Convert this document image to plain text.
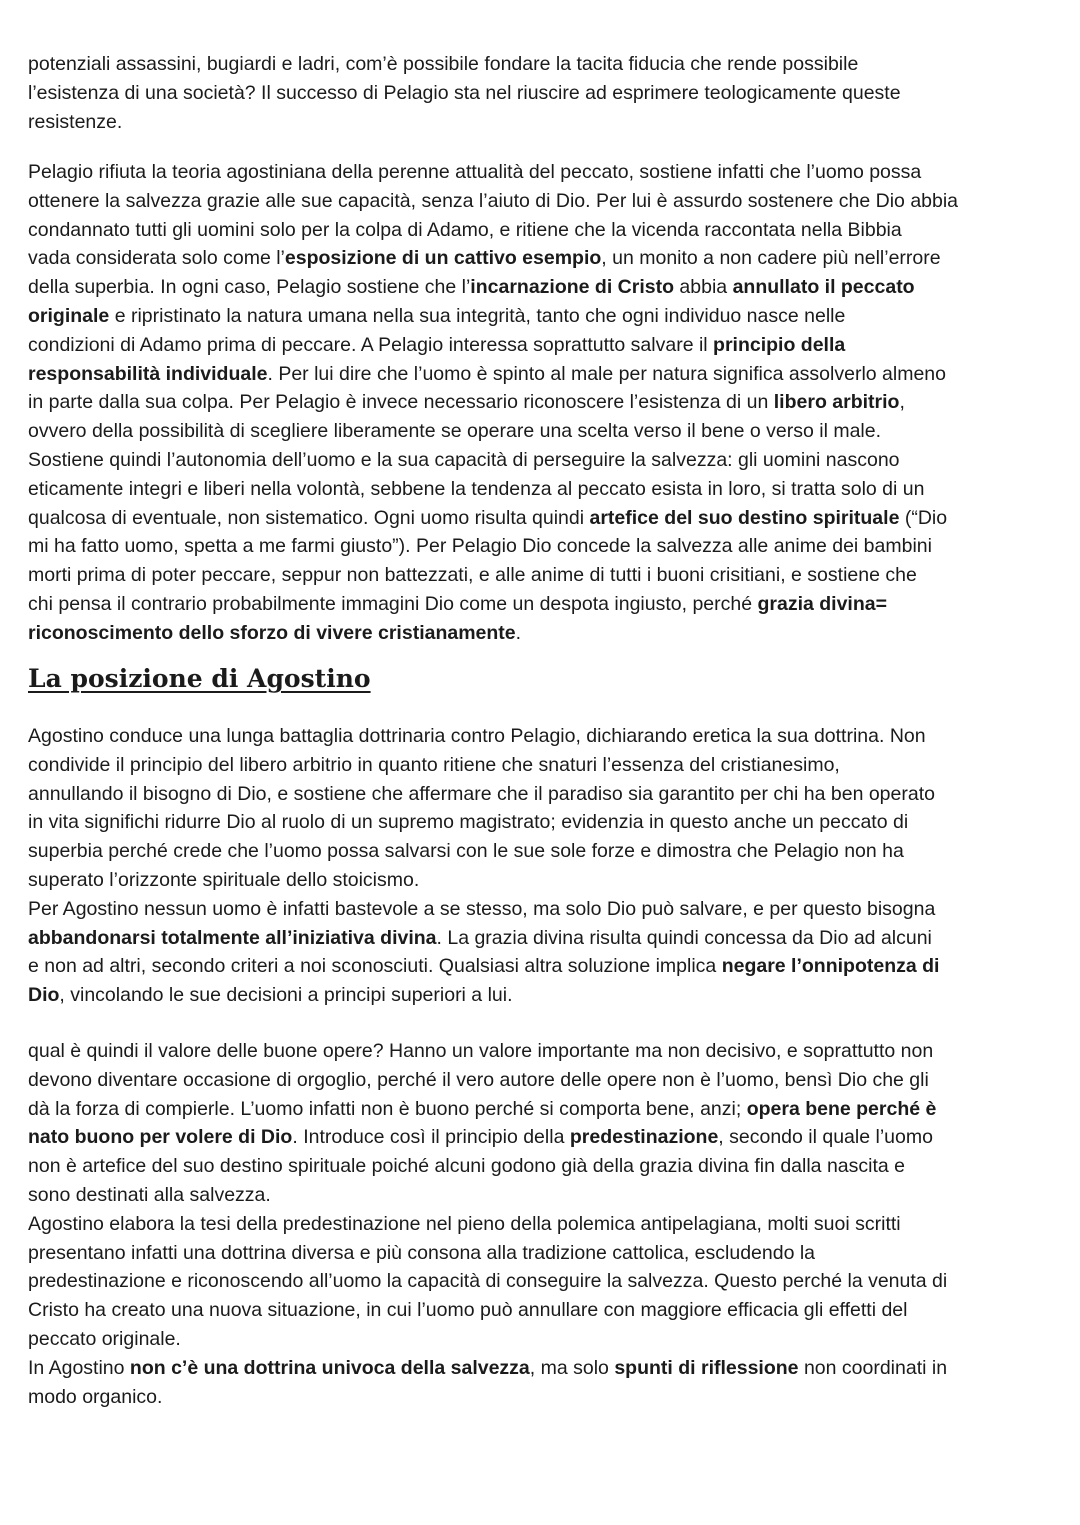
potenziali assassini, bugiardi e ladri, com’è possibile fondare la tacita fiducia che rende possibile
l’esistenza di una società? Il successo di Pelagio sta nel riuscire ad esprimere teologicamente queste
resistenze.
Pelagio rifiuta la teoria agostiniana della perenne attualità del peccato, sostiene infatti che l’uomo possa
ottenere la salvezza grazie alle sue capacità, senza l’aiuto di Dio. Per lui è assurdo sostenere che Dio abbia
condannato tutti gli uomini solo per la colpa di Adamo, e ritiene che la vicenda raccontata nella Bibbia
vada considerata solo come l’esposizione di un cattivo esempio, un monito a non cadere più nell’errore
della superbia. In ogni caso, Pelagio sostiene che l’incarnazione di Cristo abbia annullato il peccato
originale e ripristinato la natura umana nella sua integrità, tanto che ogni individuo nasce nelle
condizioni di Adamo prima di peccare. A Pelagio interessa soprattutto salvare il principio della
responsabilità individuale. Per lui dire che l’uomo è spinto al male per natura significa assolverlo almeno
in parte dalla sua colpa. Per Pelagio è invece necessario riconoscere l’esistenza di un libero arbitrio,
ovvero della possibilità di scegliere liberamente se operare una scelta verso il bene o verso il male.
Sostiene quindi l’autonomia dell’uomo e la sua capacità di perseguire la salvezza: gli uomini nascono
eticamente integri e liberi nella volontà, sebbene la tendenza al peccato esista in loro, si tratta solo di un
qualcosa di eventuale, non sistematico. Ogni uomo risulta quindi artefice del suo destino spirituale (“Dio
mi ha fatto uomo, spetta a me farmi giusto”). Per Pelagio Dio concede la salvezza alle anime dei bambini
morti prima di poter peccare, seppur non battezzati, e alle anime di tutti i buoni crisitiani, e sostiene che
chi pensa il contrario probabilmente immagini Dio come un despota ingiusto, perché grazia divina=
riconoscimento dello sforzo di vivere cristianamente.
La posizione di Agostino
Agostino conduce una lunga battaglia dottrinaria contro Pelagio, dichiarando eretica la sua dottrina. Non
condivide il principio del libero arbitrio in quanto ritiene che snaturi l’essenza del cristianesimo,
annullando il bisogno di Dio, e sostiene che affermare che il paradiso sia garantito per chi ha ben operato
in vita significhi ridurre Dio al ruolo di un supremo magistrato; evidenzia in questo anche un peccato di
superbia perché crede che l’uomo possa salvarsi con le sue sole forze e dimostra che Pelagio non ha
superato l’orizzonte spirituale dello stoicismo.
Per Agostino nessun uomo è infatti bastevole a se stesso, ma solo Dio può salvare, e per questo bisogna
abbandonarsi totalmente all’iniziativa divina. La grazia divina risulta quindi concessa da Dio ad alcuni
e non ad altri, secondo criteri a noi sconosciuti. Qualsiasi altra soluzione implica negare l’onnipotenza di
Dio, vincolando le sue decisioni a principi superiori a lui.
qual è quindi il valore delle buone opere? Hanno un valore importante ma non decisivo, e soprattutto non
devono diventare occasione di orgoglio, perché il vero autore delle opere non è l’uomo, bensì Dio che gli
dà la forza di compierle. L’uomo infatti non è buono perché si comporta bene, anzi; opera bene perché è
nato buono per volere di Dio. Introduce così il principio della predestinazione, secondo il quale l’uomo
non è artefice del suo destino spirituale poiché alcuni godono già della grazia divina fin dalla nascita e
sono destinati alla salvezza.
Agostino elabora la tesi della predestinazione nel pieno della polemica antipelagiana, molti suoi scritti
presentano infatti una dottrina diversa e più consona alla tradizione cattolica, escludendo la
predestinazione e riconoscendo all’uomo la capacità di conseguire la salvezza. Questo perché la venuta di
Cristo ha creato una nuova situazione, in cui l’uomo può annullare con maggiore efficacia gli effetti del
peccato originale.
In Agostino non c’è una dottrina univoca della salvezza, ma solo spunti di riflessione non coordinati in
modo organico.
